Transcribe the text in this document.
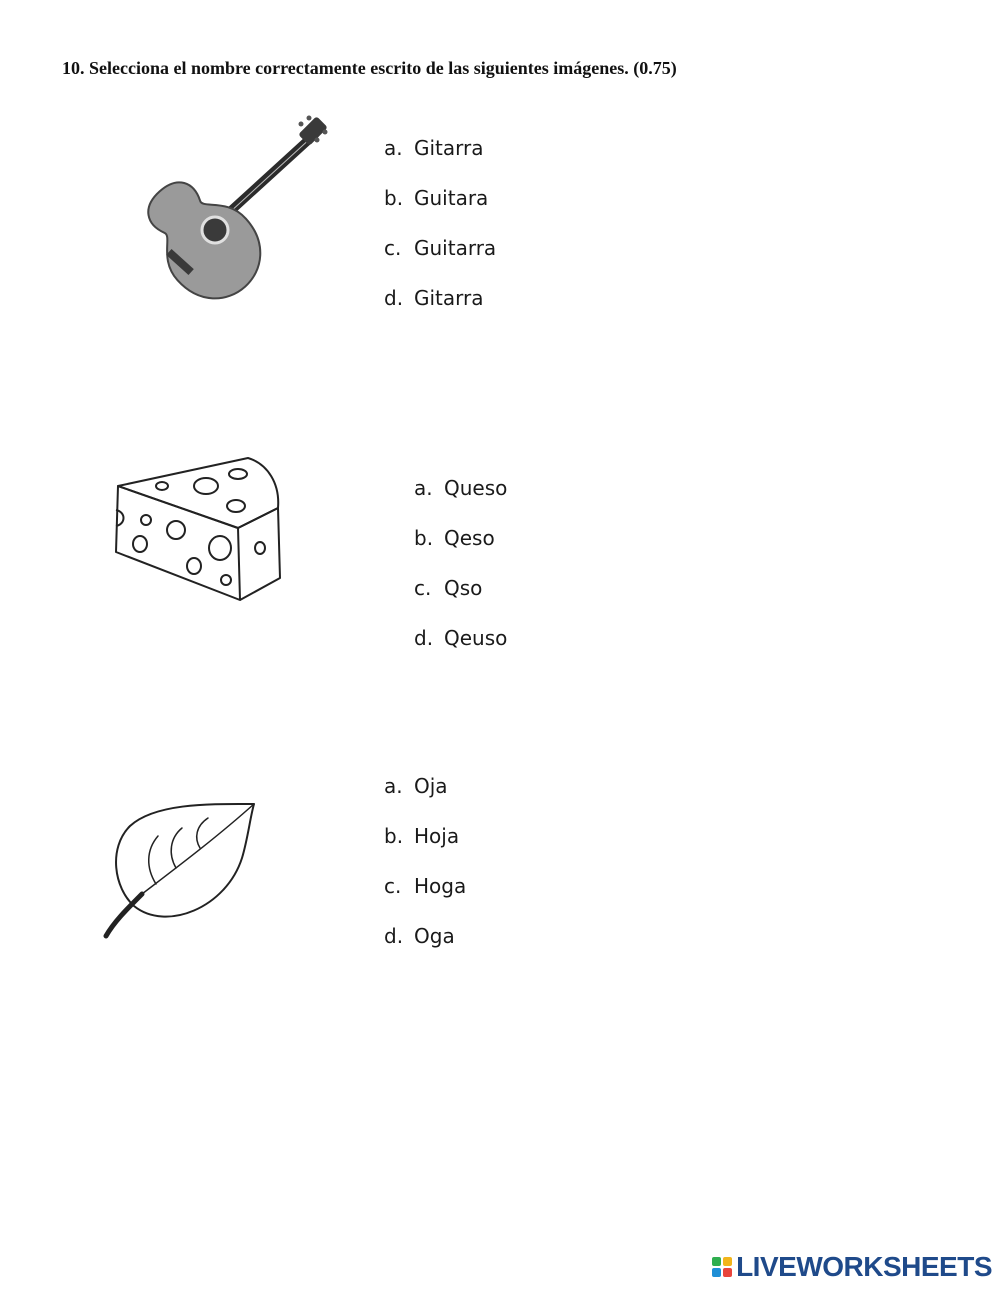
10. Selecciona el nombre correctamente escrito de las siguientes imágenes. (0.75)
a. Gitarra
b. Guitara
c. Guitarra
d. Gitarra
a. Queso
b. Qeso
c. Qso
d. Qeuso
a. Oja
b. Hoja
c. Hoga
d. Oga
LIVEWORKSHEETS
